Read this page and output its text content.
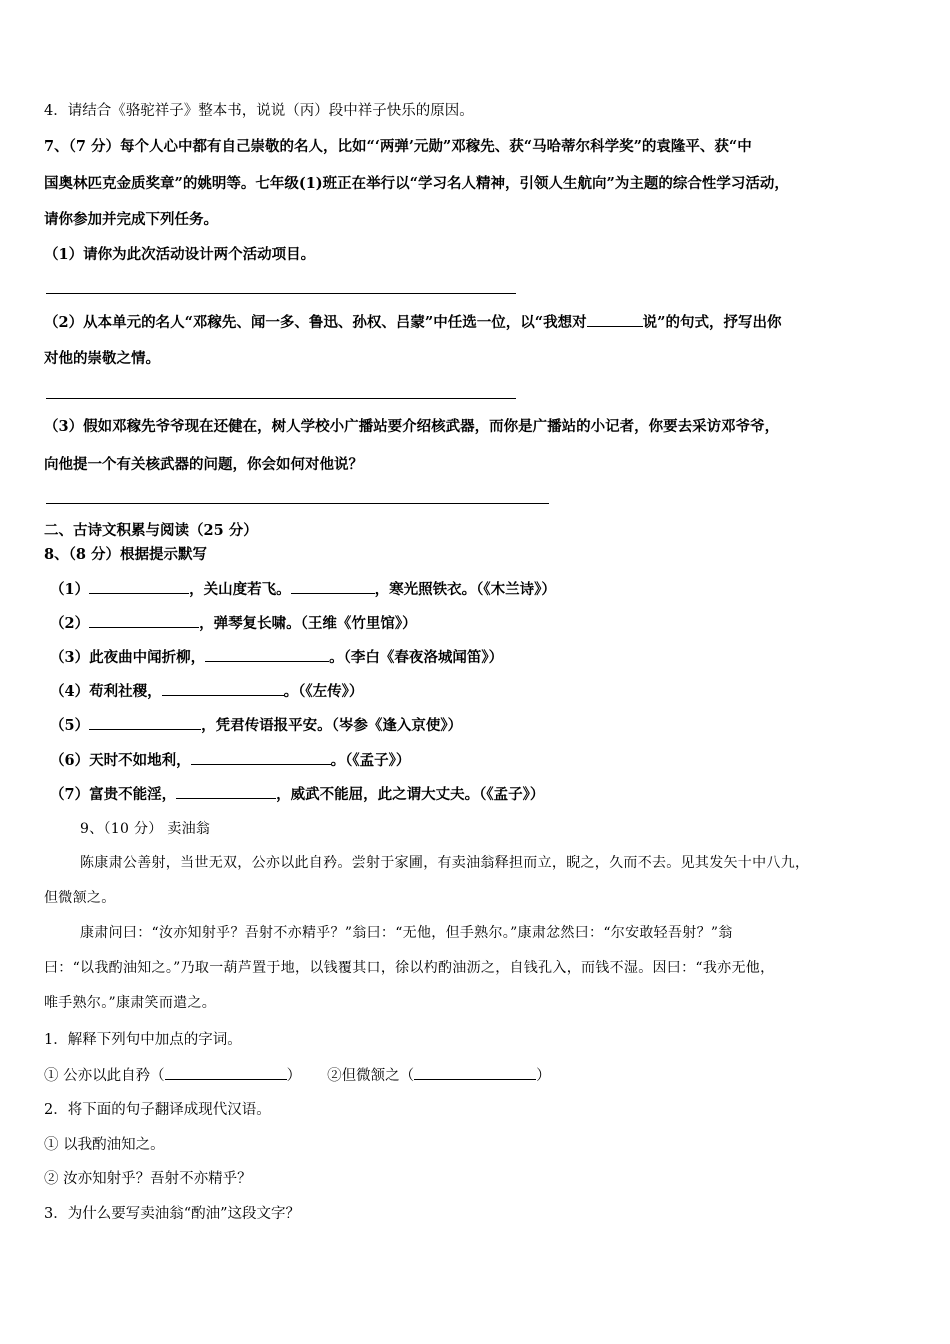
4．请结合《骆驼祥子》整本书，说说（丙）段中祥子快乐的原因。
7、（7 分）每个人心中都有自己崇敬的名人，比如“‘两弹’元勋”邓稼先、获“马哈蒂尔科学奖”的袁隆平、获“中
国奥林匹克金质奖章”的姚明等。七年级(1)班正在举行以“学习名人精神，引领人生航向”为主题的综合性学习活动，
请你参加并完成下列任务。
（1）请你为此次活动设计两个活动项目。
（2）从本单元的名人“邓稼先、闻一多、鲁迅、孙权、吕蒙”中任选一位，以“我想对	说”的句式，抒写出你
对他的崇敬之情。
（3）假如邓稼先爷爷现在还健在，树人学校小广播站要介绍核武器，而你是广播站的小记者，你要去采访邓爷爷，
向他提一个有关核武器的问题，你会如何对他说？
二、古诗文积累与阅读（25 分）
8、（8 分）根据提示默写
（1）	，关山度若飞。	，寒光照铁衣。（《木兰诗》）
（2）	，弹琴复长啸。（王维《竹里馆》）
（3）此夜曲中闻折柳，	。（李白《春夜洛城闻笛》）
（4）苟利社稷，	。（《左传》）
（5）	，凭君传语报平安。（岑参《逢入京使》）
（6）天时不如地利，	。（《孟子》）
（7）富贵不能淫，	，威武不能屈，此之谓大丈夫。（《孟子》）
9、（10 分） 卖油翁
陈康肃公善射，当世无双，公亦以此自矜。尝射于家圃，有卖油翁释担而立，睨之，久而不去。见其发矢十中八九，
但微颔之。
康肃问曰：“汝亦知射乎？吾射不亦精乎？”翁曰：“无他，但手熟尔。”康肃忿然曰：“尔安敢轻吾射？”翁
曰：“以我酌油知之。”乃取一葫芦置于地，以钱覆其口，徐以杓酌油沥之，自钱孔入，而钱不湿。因曰：“我亦无他，
唯手熟尔。”康肃笑而遣之。
1．解释下列句中加点的字词。
① 公亦以此自矜（	） ②但微颔之（	）
2．将下面的句子翻译成现代汉语。
① 以我酌油知之。
② 汝亦知射乎？吾射不亦精乎？
3．为什么要写卖油翁“酌油”这段文字？
